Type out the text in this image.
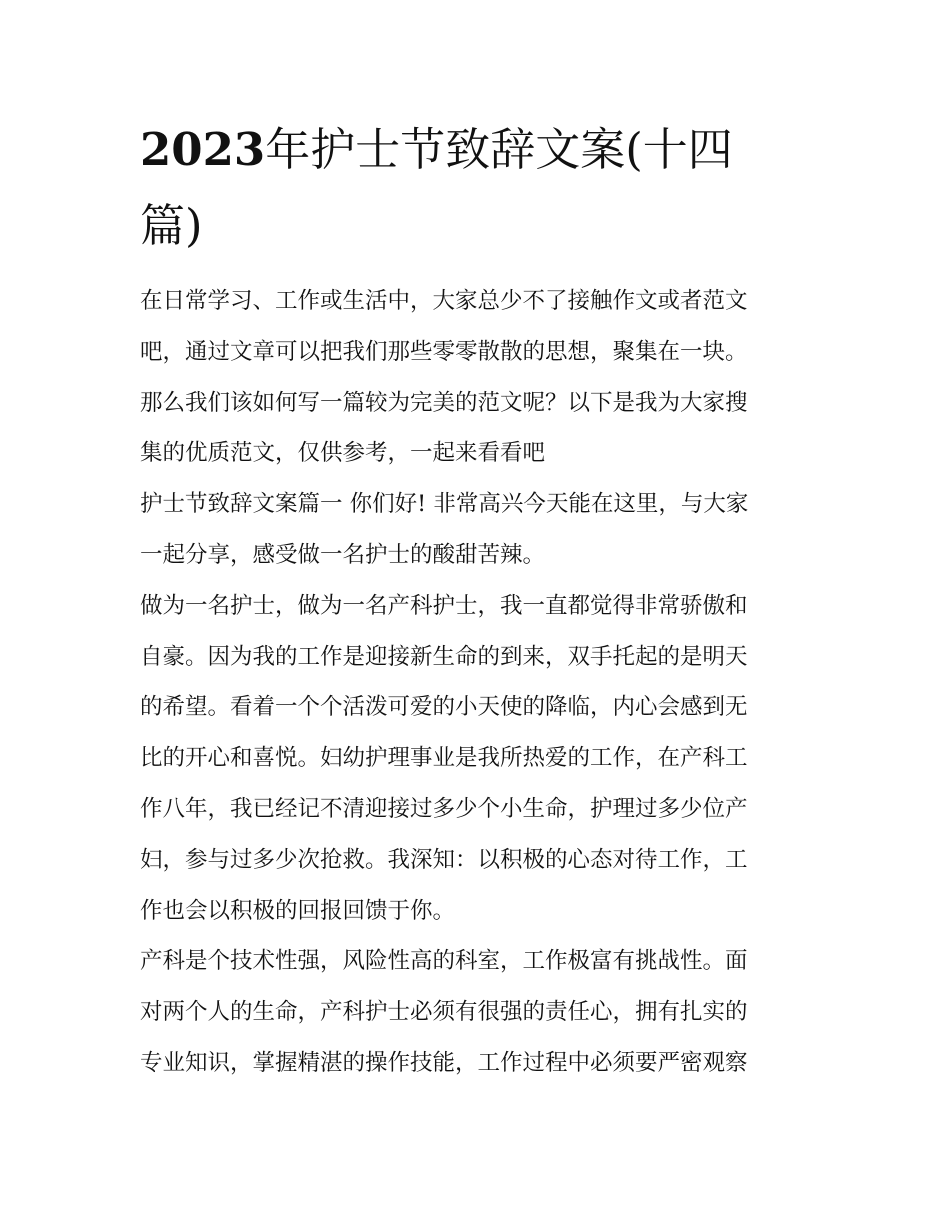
2023年护士节致辞文案(十四
篇)

在日常学习、工作或生活中，大家总少不了接触作文或者范文
吧，通过文章可以把我们那些零零散散的思想，聚集在一块。
那么我们该如何写一篇较为完美的范文呢？以下是我为大家搜
集的优质范文，仅供参考，一起来看看吧

护士节致辞文案篇一 你们好! 非常高兴今天能在这里，与大家
一起分享，感受做一名护士的酸甜苦辣。

做为一名护士，做为一名产科护士，我一直都觉得非常骄傲和
自豪。因为我的工作是迎接新生命的到来，双手托起的是明天
的希望。看着一个个活泼可爱的小天使的降临，内心会感到无
比的开心和喜悦。妇幼护理事业是我所热爱的工作，在产科工
作八年，我已经记不清迎接过多少个小生命，护理过多少位产
妇，参与过多少次抢救。我深知：以积极的心态对待工作，工
作也会以积极的回报回馈于你。

产科是个技术性强，风险性高的科室，工作极富有挑战性。面
对两个人的生命，产科护士必须有很强的责任心，拥有扎实的
专业知识，掌握精湛的操作技能，工作过程中必须要严密观察
